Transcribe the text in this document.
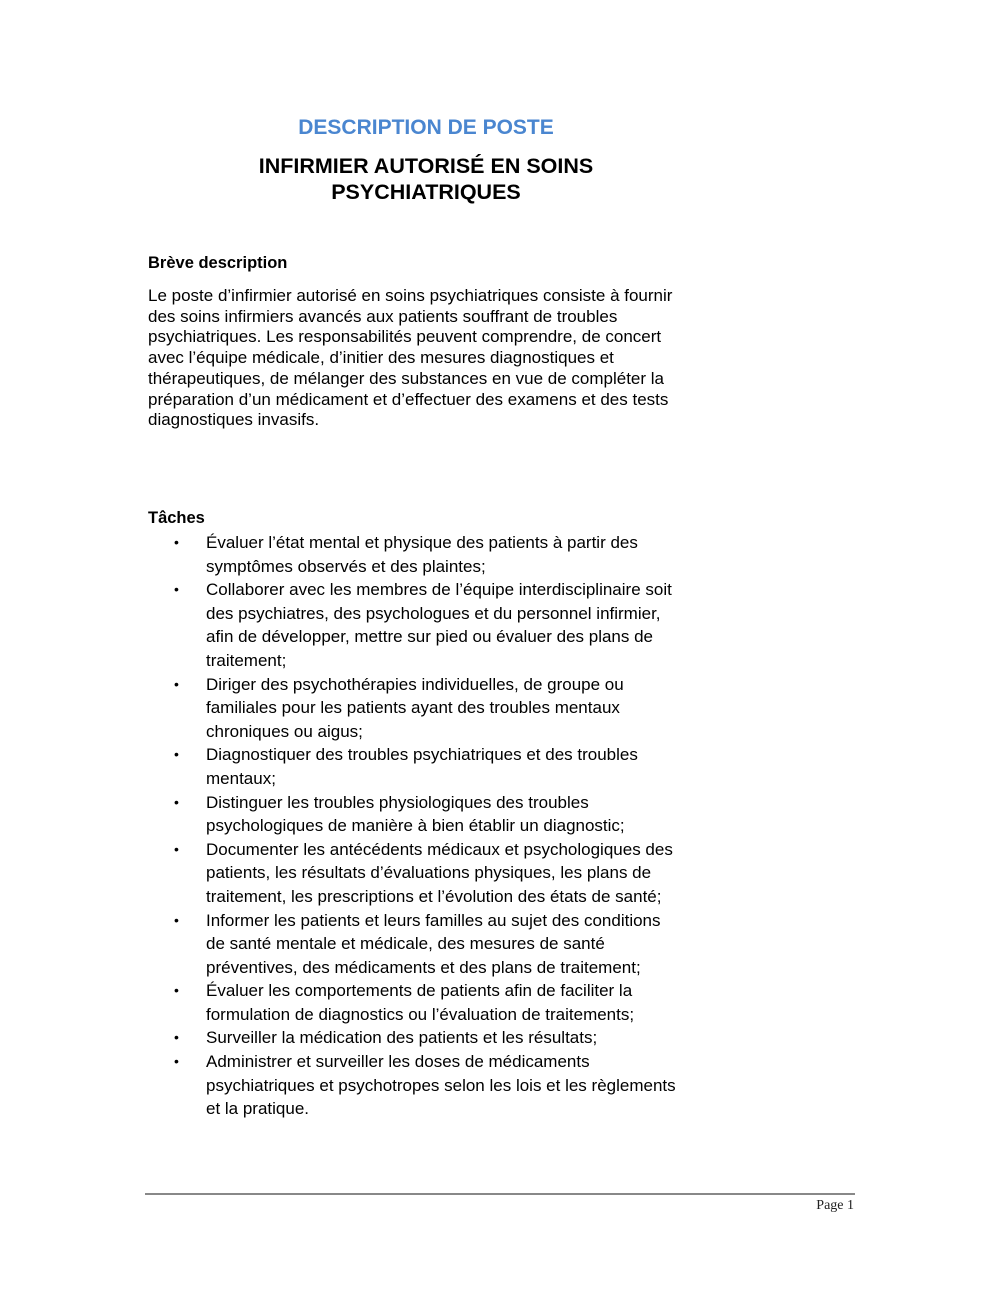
DESCRIPTION DE POSTE
INFIRMIER AUTORISÉ EN SOINS
PSYCHIATRIQUES
Brève description
Le poste d’infirmier autorisé en soins psychiatriques consiste à fournir
des soins infirmiers avancés aux patients souffrant de troubles
psychiatriques. Les responsabilités peuvent comprendre, de concert
avec l’équipe médicale, d’initier des mesures diagnostiques et
thérapeutiques, de mélanger des substances en vue de compléter la
préparation d’un médicament et d’effectuer des examens et des tests
diagnostiques invasifs.
Tâches
• Évaluer l’état mental et physique des patients à partir des
symptômes observés et des plaintes;
• Collaborer avec les membres de l’équipe interdisciplinaire soit
des psychiatres, des psychologues et du personnel infirmier,
afin de développer, mettre sur pied ou évaluer des plans de
traitement;
• Diriger des psychothérapies individuelles, de groupe ou
familiales pour les patients ayant des troubles mentaux
chroniques ou aigus;
• Diagnostiquer des troubles psychiatriques et des troubles
mentaux;
• Distinguer les troubles physiologiques des troubles
psychologiques de manière à bien établir un diagnostic;
• Documenter les antécédents médicaux et psychologiques des
patients, les résultats d’évaluations physiques, les plans de
traitement, les prescriptions et l’évolution des états de santé;
• Informer les patients et leurs familles au sujet des conditions
de santé mentale et médicale, des mesures de santé
préventives, des médicaments et des plans de traitement;
• Évaluer les comportements de patients afin de faciliter la
formulation de diagnostics ou l’évaluation de traitements;
• Surveiller la médication des patients et les résultats;
• Administrer et surveiller les doses de médicaments
psychiatriques et psychotropes selon les lois et les règlements
et la pratique.
Page 1
